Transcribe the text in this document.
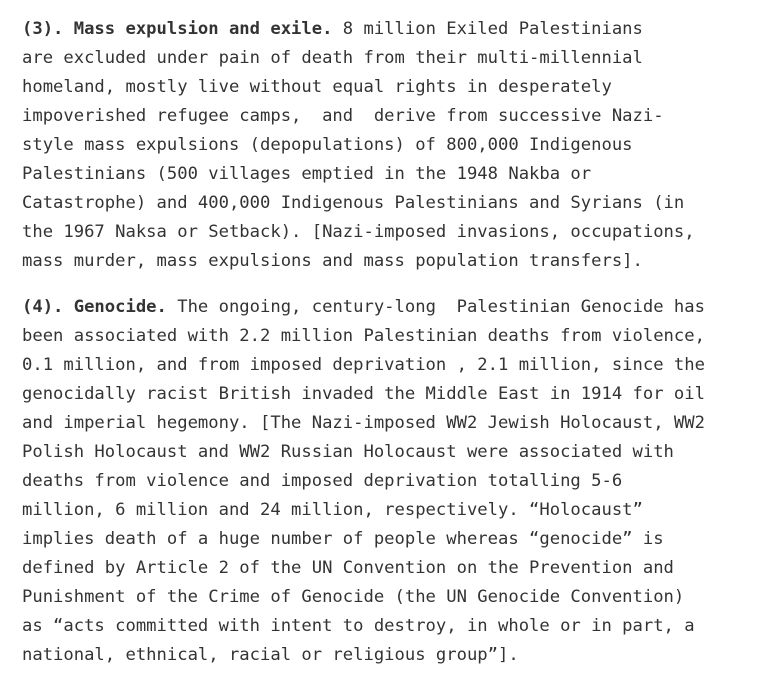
(3). Mass expulsion and exile. 8 million Exiled Palestinians
are excluded under pain of death from their multi-millennial
homeland, mostly live without equal rights in desperately
impoverished refugee camps,  and  derive from successive Nazi-
style mass expulsions (depopulations) of 800,000 Indigenous
Palestinians (500 villages emptied in the 1948 Nakba or
Catastrophe) and 400,000 Indigenous Palestinians and Syrians (in
the 1967 Naksa or Setback). [Nazi-imposed invasions, occupations,
mass murder, mass expulsions and mass population transfers].
(4). Genocide. The ongoing, century-long  Palestinian Genocide has
been associated with 2.2 million Palestinian deaths from violence,
0.1 million, and from imposed deprivation , 2.1 million, since the
genocidally racist British invaded the Middle East in 1914 for oil
and imperial hegemony. [The Nazi-imposed WW2 Jewish Holocaust, WW2
Polish Holocaust and WW2 Russian Holocaust were associated with
deaths from violence and imposed deprivation totalling 5-6
million, 6 million and 24 million, respectively. “Holocaust”
implies death of a huge number of people whereas “genocide” is
defined by Article 2 of the UN Convention on the Prevention and
Punishment of the Crime of Genocide (the UN Genocide Convention)
as “acts committed with intent to destroy, in whole or in part, a
national, ethnical, racial or religious group”].
